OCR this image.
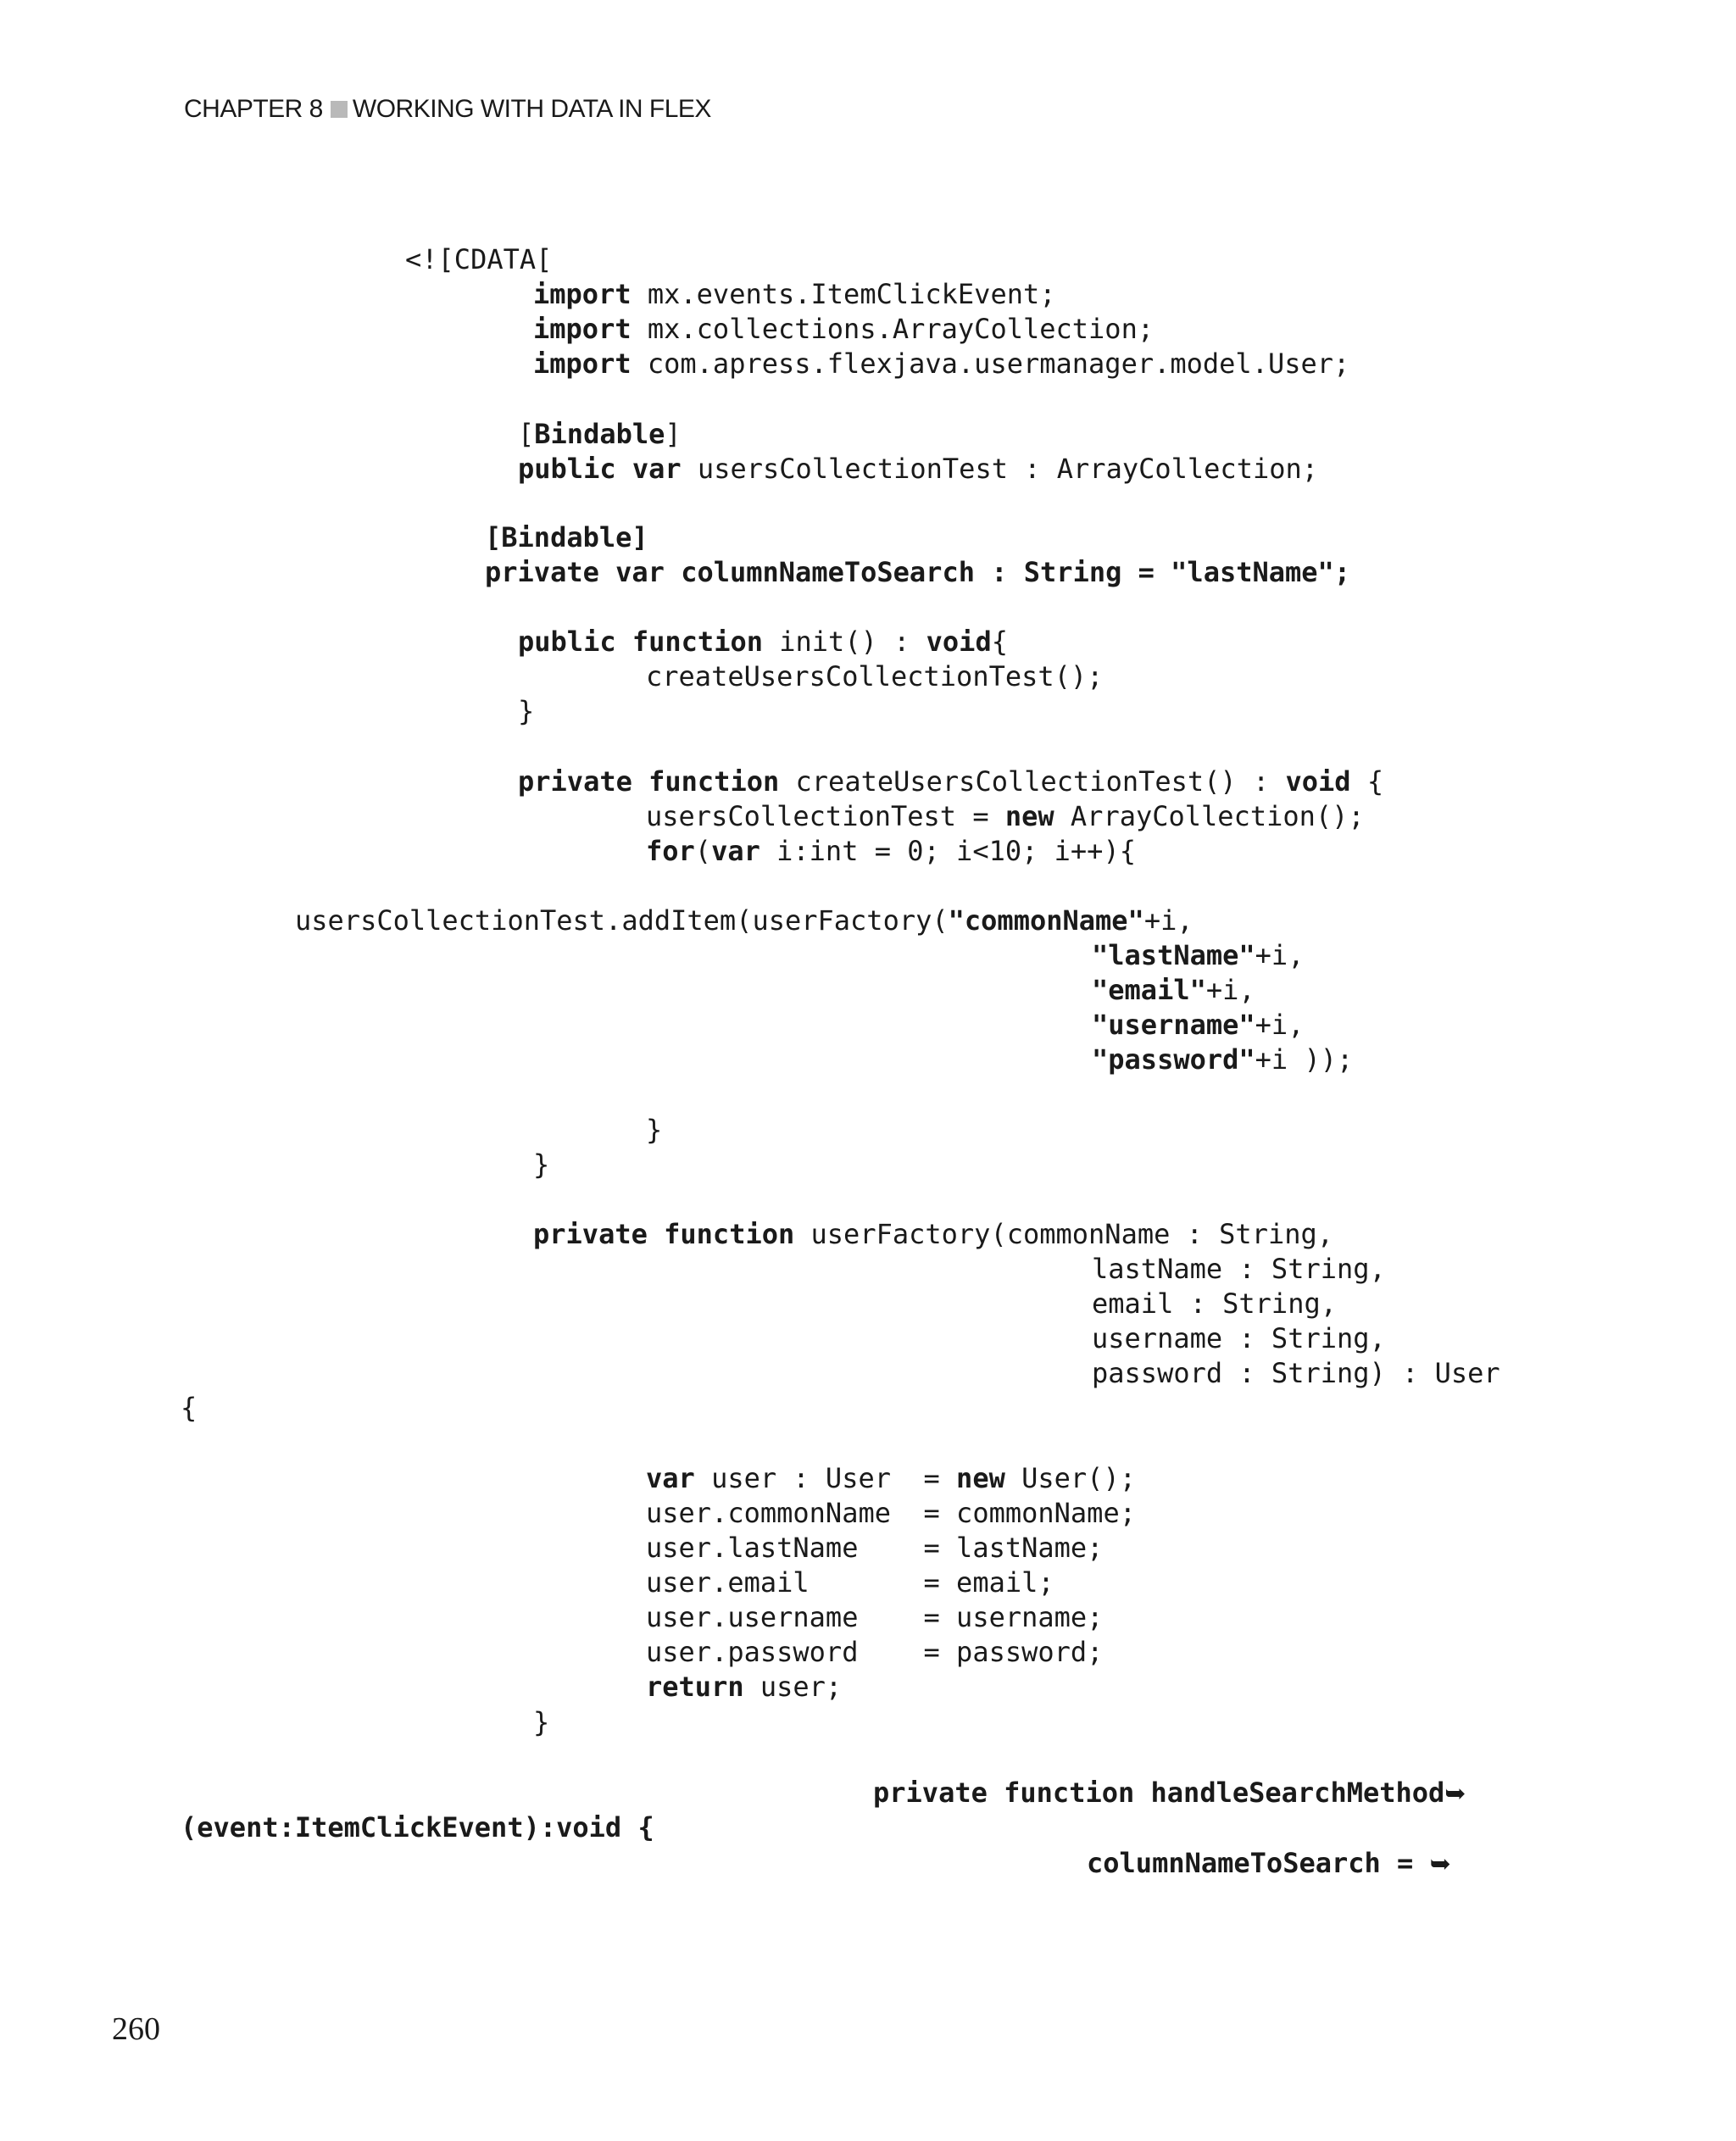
CHAPTER 8 WORKING WITH DATA IN FLEX
<![CDATA[
import mx.events.ItemClickEvent;
import mx.collections.ArrayCollection;
import com.apress.flexjava.usermanager.model.User;
[Bindable]
public var usersCollectionTest : ArrayCollection;
[Bindable]
private var columnNameToSearch : String = "lastName";
public function init() : void{
createUsersCollectionTest();
}
private function createUsersCollectionTest() : void {
usersCollectionTest = new ArrayCollection();
for(var i:int = 0; i<10; i++){
usersCollectionTest.addItem(userFactory("commonName"+i,
"lastName"+i,
"email"+i,
"username"+i,
"password"+i ));
}
}
private function userFactory(commonName : String,
lastName : String,
email : String,
username : String,
password : String) : User
{
var user : User  = new User();
user.commonName  = commonName;
user.lastName    = lastName;
user.email       = email;
user.username    = username;
user.password    = password;
return user;
}
private function handleSearchMethod➥
(event:ItemClickEvent):void {
columnNameToSearch = ➥
260
